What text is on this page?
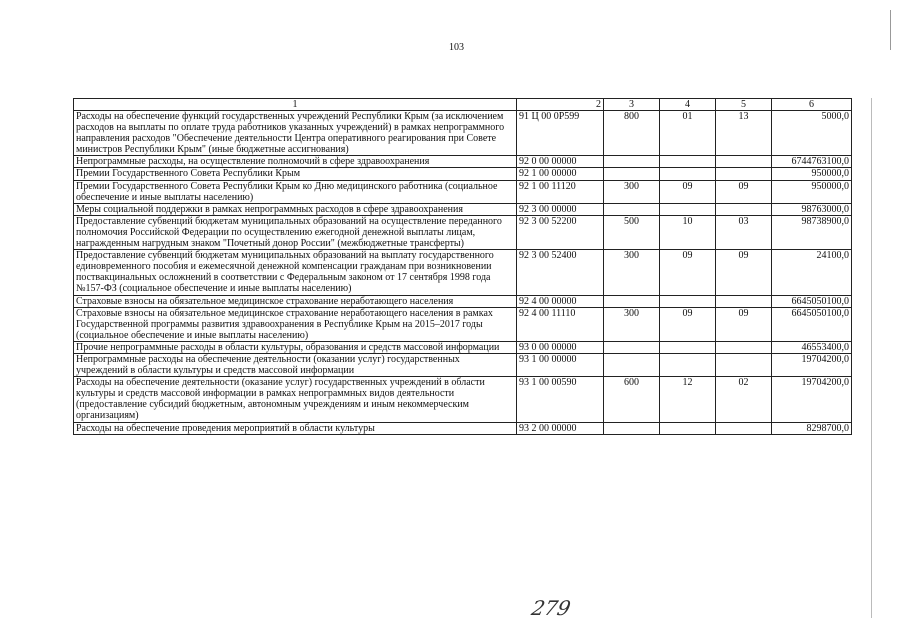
103
1	2	3	4	5	6
Расходы на обеспечение функций государственных учреждений Республики Крым (за исключением расходов на выплаты по оплате труда работников указанных учреждений) в рамках непрограммного направления расходов "Обеспечение деятельности Центра оперативного реагирования при Совете министров Республики Крым" (иные бюджетные ассигнования)	91 Ц 00 0Р599	800	01	13	5000,0
Непрограммные расходы, на осуществление полномочий в сфере здравоохранения	92 0 00 00000				6744763100,0
Премии Государственного Совета Республики Крым	92 1 00 00000				950000,0
Премии Государственного Совета Республики Крым ко Дню медицинского работника (социальное обеспечение и иные выплаты населению)	92 1 00 11120	300	09	09	950000,0
Меры социальной поддержки в рамках непрограммных расходов в сфере здравоохранения	92 3 00 00000				98763000,0
Предоставление субвенций бюджетам муниципальных образований на осуществление переданного полномочия Российской Федерации по осуществлению ежегодной денежной выплаты лицам, награжденным нагрудным знаком "Почетный донор России" (межбюджетные трансферты)	92 3 00 52200	500	10	03	98738900,0
Предоставление субвенций бюджетам муниципальных образований на выплату государственного единовременного пособия и ежемесячной денежной компенсации гражданам при возникновении поствакцинальных осложнений в соответствии с Федеральным законом от 17 сентября 1998 года №157-ФЗ (социальное обеспечение и иные выплаты населению)	92 3 00 52400	300	09	09	24100,0
Страховые взносы на обязательное медицинское страхование неработающего населения	92 4 00 00000				6645050100,0
Страховые взносы на обязательное медицинское страхование неработающего населения в рамках Государственной программы развития здравоохранения в Республике Крым на 2015–2017 годы (социальное обеспечение и иные выплаты населению)	92 4 00 11110	300	09	09	6645050100,0
Прочие непрограммные расходы в области культуры, образования и средств массовой информации	93 0 00 00000				46553400,0
Непрограммные расходы на обеспечение деятельности (оказании услуг) государственных учреждений в области культуры и средств массовой информации	93 1 00 00000				19704200,0
Расходы на обеспечение деятельности (оказание услуг) государственных учреждений в области культуры и средств массовой информации в рамках непрограммных видов деятельности (предоставление субсидий бюджетным, автономным учреждениям и иным некоммерческим организациям)	93 1 00 00590	600	12	02	19704200,0
Расходы на обеспечение проведения мероприятий в области культуры	93 2 00 00000				8298700,0
279
